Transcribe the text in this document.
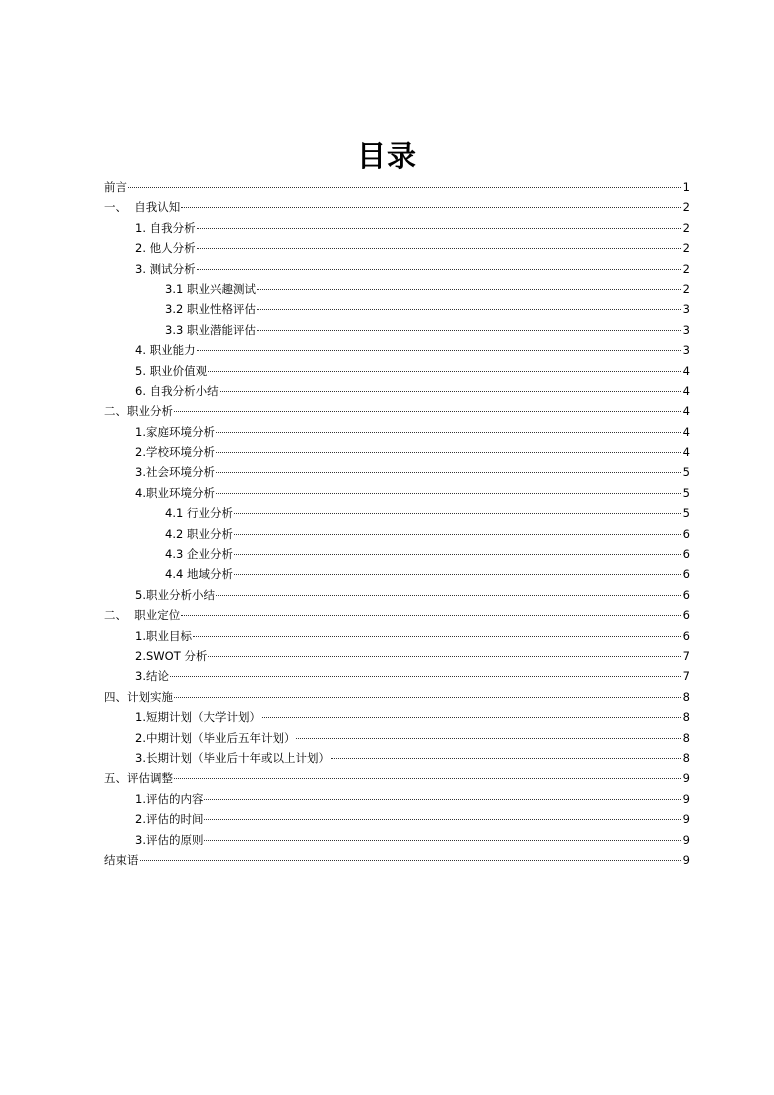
目录
前言	1
一、  自我认知	2
1. 自我分析	2
2. 他人分析	2
3. 测试分析	2
3.1 职业兴趣测试	2
3.2 职业性格评估	3
3.3 职业潜能评估	3
4. 职业能力	3
5. 职业价值观	4
6. 自我分析小结	4
二、职业分析	4
1.家庭环境分析	4
2.学校环境分析	4
3.社会环境分析	5
4.职业环境分析	5
4.1 行业分析	5
4.2 职业分析	6
4.3 企业分析	6
4.4 地域分析	6
5.职业分析小结	6
二、  职业定位	6
1.职业目标	6
2.SWOT 分析	7
3.结论	7
四、计划实施	8
1.短期计划（大学计划）	8
2.中期计划（毕业后五年计划）	8
3.长期计划（毕业后十年或以上计划）	8
五、评估调整	9
1.评估的内容	9
2.评估的时间	9
3.评估的原则	9
结束语	9
